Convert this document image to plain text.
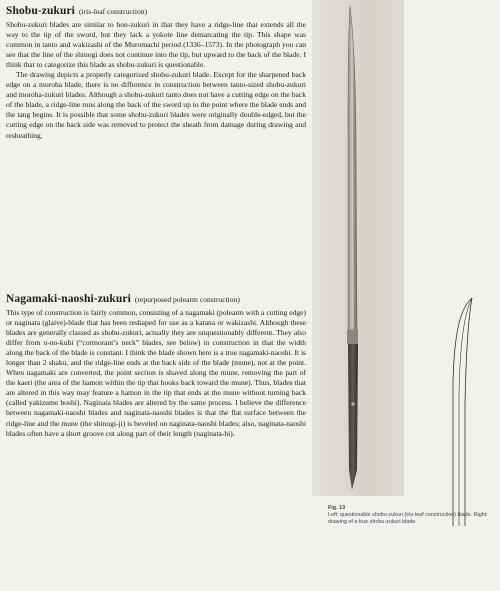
Shobu-zukuri (iris-leaf construction)

Shobu-zukuri blades are similar to hon-zukuri in that they have a ridge-line that extends all the way to the tip of the sword, but they lack a yokote line demarcating the tip. This shape was common in tanto and wakizashi of the Muromachi period (1336–1573). In the photograph you can see that the line of the shinogi does not continue into the tip, but upward to the back of the blade. I think that to categorize this blade as shobu-zukuri is questionable.

The drawing depicts a properly categorized shobu-zukuri blade. Except for the sharpened back edge on a moroha blade, there is no difference in construction between tanto-sized shobu-zukuri and moroha-zukuri blades. Although a shobu-zukuri tanto does not have a cutting edge on the back of the blade, a ridge-line runs along the back of the sword up to the point where the blade ends and the tang begins. It is possible that some shobu-zukuri blades were originally double-edged, but the cutting edge on the back side was removed to protect the sheath from damage during drawing and resheathing.

Nagamaki-naoshi-zukuri (repurposed polearm construction)

This type of construction is fairly common, consisting of a nagamaki (polearm with a cutting edge) or naginata (glaive)-blade that has been reshaped for use as a katana or wakizashi. Although these blades are generally classed as shobu-zukuri, actually they are unquestionably different. They also differ from u-no-kubi (“cormorant’s neck” blades, see below) in construction in that the width along the back of the blade is constant. I think the blade shown here is a true nagamaki-naoshi. It is longer than 2 shaku, and the ridge-line ends at the back side of the blade (mune), not at the point. When nagamaki are converted, the point section is shaved along the mune, removing the part of the kaeri (the area of the hamon within the tip that hooks back toward the mune). Thus, blades that are altered in this way may feature a hamon in the tip that ends at the mune without turning back (called yakizume boshi). Naginata blades are altered by the same process. I believe the difference between nagamaki-naoshi blades and naginata-naoshi blades is that the flat surface between the ridge-line and the mune (the shinogi-ji) is beveled on naginata-naoshi blades; also, naginata-naoshi blades often have a short groove cut along part of their length (naginata-hi).

Fig. 13
Left: questionable shobu-zukuri (iris-leaf construction) blade. Right: drawing of a true shobu-zukuri blade.
